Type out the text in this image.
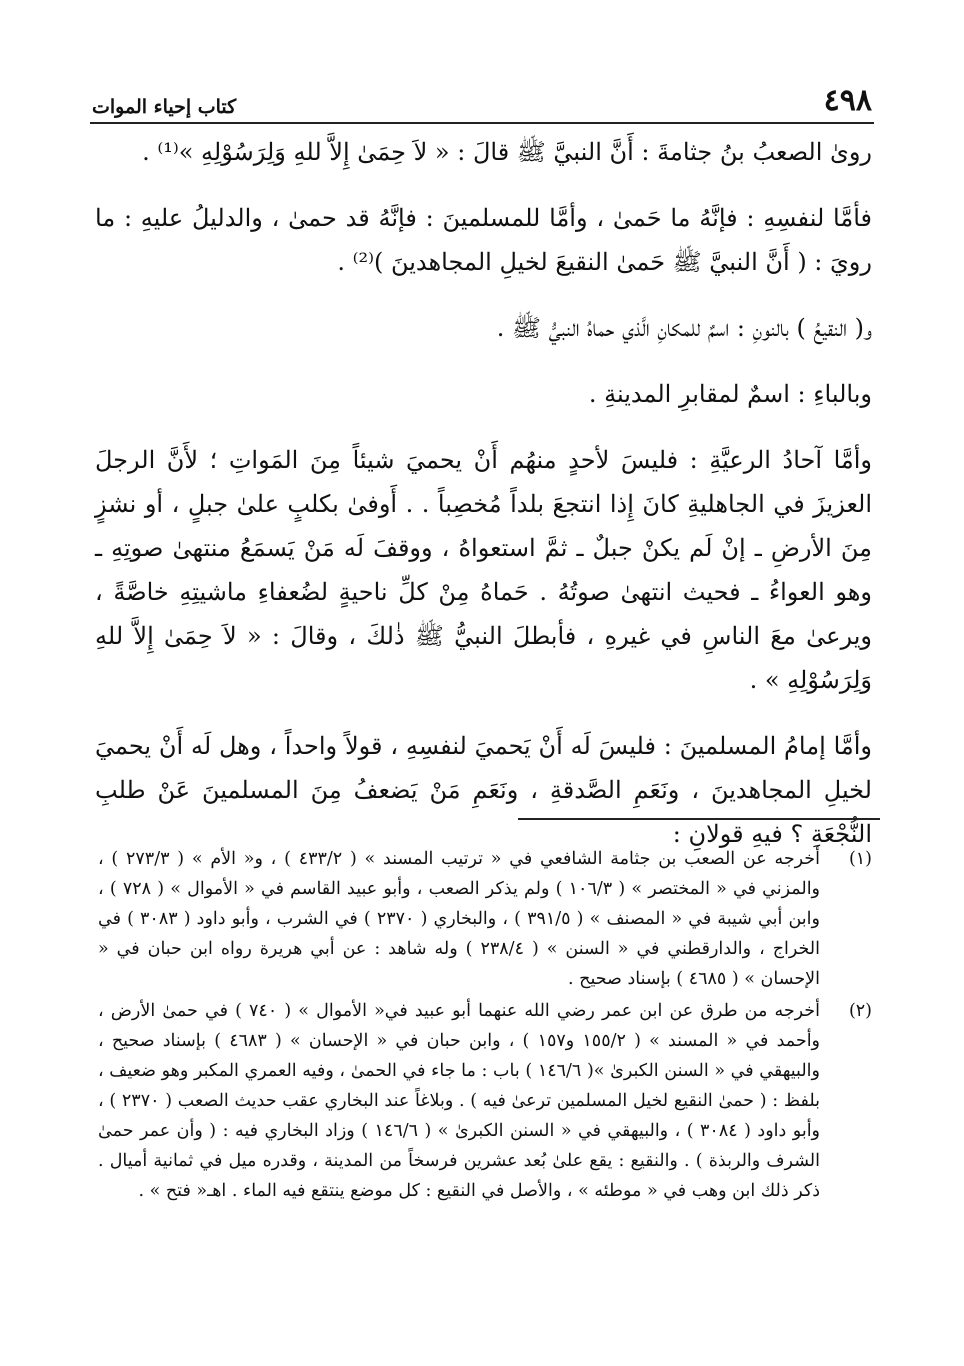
٤٩٨
كتاب إحياء الموات

روىٰ الصعبُ بنُ جثامةَ : أَنَّ النبيَّ ﷺ قالَ : « لاَ حِمَىٰ إِلاَّ للهِ وَلِرَسُوْلِهِ »⁽¹⁾ .

فأمَّا لنفسِهِ : فإنَّهُ ما حَمىٰ ، وأمَّا للمسلمينَ : فإنَّهُ قد حمىٰ ، والدليلُ عليهِ : ما رويَ : ( أَنَّ النبيَّ ﷺ حَمىٰ النقيعَ لخيلِ المجاهدينَ )⁽²⁾ .

و( النقيعُ ) بالنونِ : اسمٌ للمكانِ الَّذي حماهُ النبيُّ ﷺ .

وبالباءِ : اسمٌ لمقابرِ المدينةِ .

وأمَّا آحادُ الرعيَّةِ : فليسَ لأحدٍ منهُم أَنْ يحميَ شيئاً مِنَ المَواتِ ؛ لأَنَّ الرجلَ العزيزَ في الجاهليةِ كانَ إِذا انتجعَ بلداً مُخصِباً . . أَوفىٰ بكلبٍ علىٰ جبلٍ ، أو نشزٍ مِنَ الأرضِ ـ إنْ لَم يكنْ جبلٌ ـ ثمَّ استعواهُ ، ووقفَ لَه مَنْ يَسمَعُ منتهىٰ صوتِهِ ـ وهو العواءُ ـ فحيث انتهىٰ صوتُهُ . حَماهُ مِنْ كلِّ ناحيةٍ لضُعفاءِ ماشيتِهِ خاصَّةً ، ويرعىٰ معَ الناسِ في غيرهِ ، فأبطلَ النبيُّ ﷺ ذٰلكَ ، وقالَ : « لاَ حِمَىٰ إِلاَّ للهِ وَلِرَسُوْلِهِ » .

وأمَّا إمامُ المسلمينَ : فليسَ لَه أَنْ يَحميَ لنفسِهِ ، قولاً واحداً ، وهل لَه أَنْ يحميَ لخيلِ المجاهدينَ ، ونَعَمِ الصَّدقةِ ، ونَعَمِ مَنْ يَضعفُ مِنَ المسلمينَ عَنْ طلبِ النُّجْعَةِ ؟ فيهِ قولانِ :

(١)
أخرجه عن الصعب بن جثامة الشافعي في « ترتيب المسند » ( ٤٣٣/٢ ) ، و« الأم » ( ٢٧٣/٣ ) ، والمزني في « المختصر » ( ١٠٦/٣ ) ولم يذكر الصعب ، وأبو عبيد القاسم في « الأموال » ( ٧٢٨ ) ، وابن أبي شيبة في « المصنف » ( ٣٩١/٥ ) ، والبخاري ( ٢٣٧٠ ) في الشرب ، وأبو داود ( ٣٠٨٣ ) في الخراج ، والدارقطني في « السنن » ( ٢٣٨/٤ ) وله شاهد : عن أبي هريرة رواه ابن حبان في « الإحسان » ( ٤٦٨٥ ) بإسناد صحيح .
(٢)
أخرجه من طرق عن ابن عمر رضي الله عنهما أبو عبيد في« الأموال » ( ٧٤٠ ) في حمىٰ الأرض ، وأحمد في « المسند » ( ١٥٥/٢ و١٥٧ ) ، وابن حبان في « الإحسان » ( ٤٦٨٣ ) بإسناد صحيح ، والبيهقي في « السنن الكبرىٰ »( ١٤٦/٦ ) باب : ما جاء في الحمىٰ ، وفيه العمري المكبر وهو ضعيف ، بلفظ : ( حمىٰ النقيع لخيل المسلمين ترعىٰ فيه ) . وبلاغاً عند البخاري عقب حديث الصعب ( ٢٣٧٠ ) ، وأبو داود ( ٣٠٨٤ ) ، والبيهقي في « السنن الكبرىٰ » ( ١٤٦/٦ ) وزاد البخاري فيه : ( وأن عمر حمىٰ الشرف والربذة ) . والنقيع : يقع علىٰ بُعد عشرين فرسخاً من المدينة ، وقدره ميل في ثمانية أميال . ذكر ذلك ابن وهب في « موطئه » ، والأصل في النقيع : كل موضع ينتقع فيه الماء . اهـ« فتح » .
